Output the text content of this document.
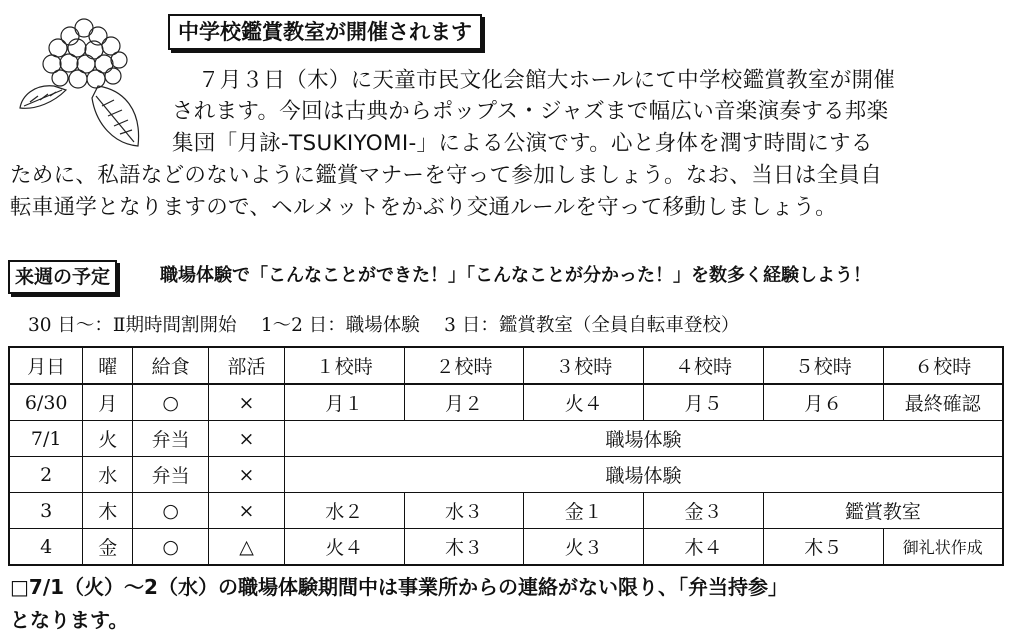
中学校鑑賞教室が開催されます
７月３日（木）に天童市民文化会館大ホールにて中学校鑑賞教室が開催
されます。今回は古典からポップス・ジャズまで幅広い音楽演奏する邦楽
集団「月詠-TSUKIYOMI-」による公演です。心と身体を潤す時間にする
ために、私語などのないように鑑賞マナーを守って参加しましょう。なお、当日は全員自
転車通学となりますので、ヘルメットをかぶり交通ルールを守って移動しましょう。
来週の予定	職場体験で「こんなことができた！」「こんなことが分かった！」を数多く経験しよう！
30 日～：Ⅱ期時間割開始　 1～2 日：職場体験　 3 日：鑑賞教室（全員自転車登校）
月日	曜	給食	部活	１校時	２校時	３校時	４校時	５校時	６校時
6/30	月	○	×	月１	月２	火４	月５	月６	最終確認
7/1	火	弁当	×	職場体験					
2	水	弁当	×	職場体験					
3	木	○	×	水２	水３	金１	金３	鑑賞教室	
4	金	○	△	火４	木３	火３	木４	木５	御礼状作成
□7/1（火）～2（水）の職場体験期間中は事業所からの連絡がない限り、「弁当持参」
となります。
